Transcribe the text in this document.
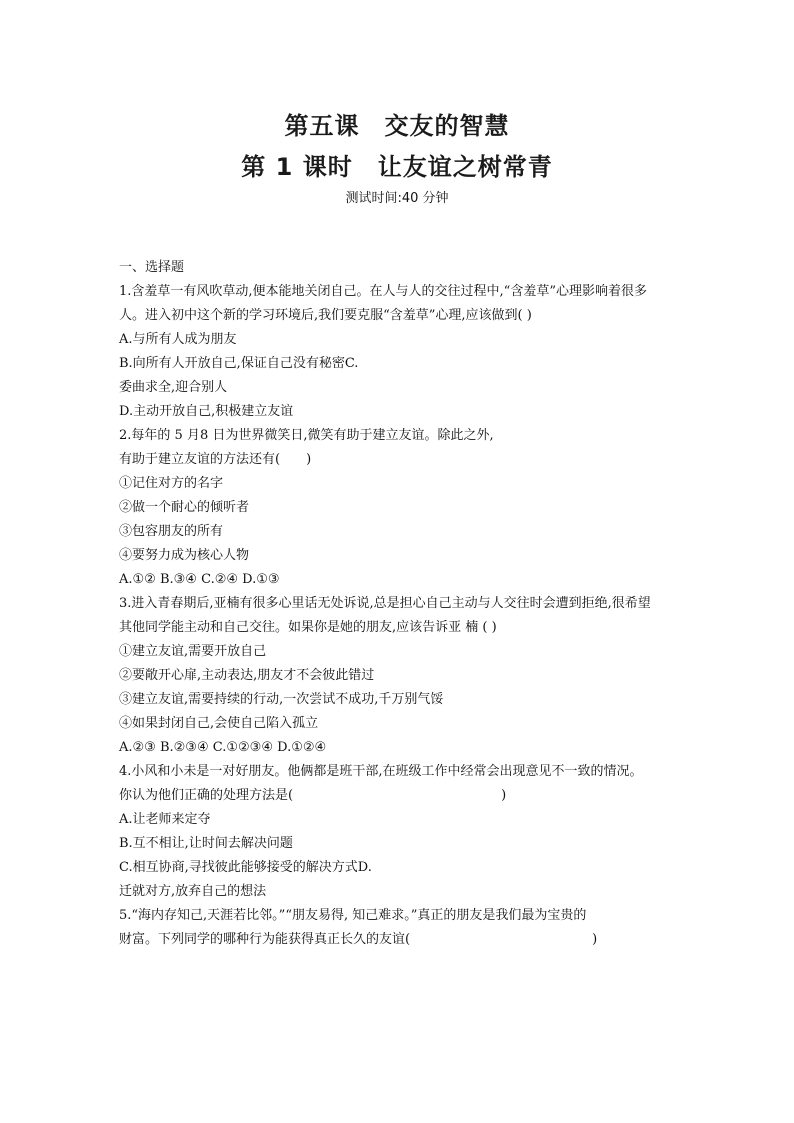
第五课　交友的智慧
第 1 课时　让友谊之树常青
测试时间:40 分钟
一、选择题
1.含羞草一有风吹草动,便本能地关闭自己。在人与人的交往过程中,“含羞草”心理影响着很多
人。进入初中这个新的学习环境后,我们要克服“含羞草”心理,应该做到( )
A.与所有人成为朋友
B.向所有人开放自己,保证自己没有秘密C.
委曲求全,迎合别人
D.主动开放自己,积极建立友谊
2.每年的 5 月8 日为世界微笑日,微笑有助于建立友谊。除此之外,
有助于建立友谊的方法还有(　　)
①记住对方的名字
②做一个耐心的倾听者
③包容朋友的所有
④要努力成为核心人物
A.①② B.③④ C.②④ D.①③
3.进入青春期后,亚楠有很多心里话无处诉说,总是担心自己主动与人交往时会遭到拒绝,很希望
其他同学能主动和自己交往。如果你是她的朋友,应该告诉亚 楠 ( )
①建立友谊,需要开放自己
②要敞开心扉,主动表达,朋友才不会彼此错过
③建立友谊,需要持续的行动,一次尝试不成功,千万别气馁
④如果封闭自己,会使自己陷入孤立
A.②③ B.②③④ C.①②③④ D.①②④
4.小风和小未是一对好朋友。他俩都是班干部,在班级工作中经常会出现意见不一致的情况。
你认为他们正确的处理方法是(　　　　　　　　　　　　　　　　)
A.让老师来定夺
B.互不相让,让时间去解决问题
C.相互协商,寻找彼此能够接受的解决方式D.
迁就对方,放弃自己的想法
5.“海内存知己,天涯若比邻。”“朋友易得, 知己难求。”真正的朋友是我们最为宝贵的
财富。下列同学的哪种行为能获得真正长久的友谊(　　　　　　　　　　　　　　)
